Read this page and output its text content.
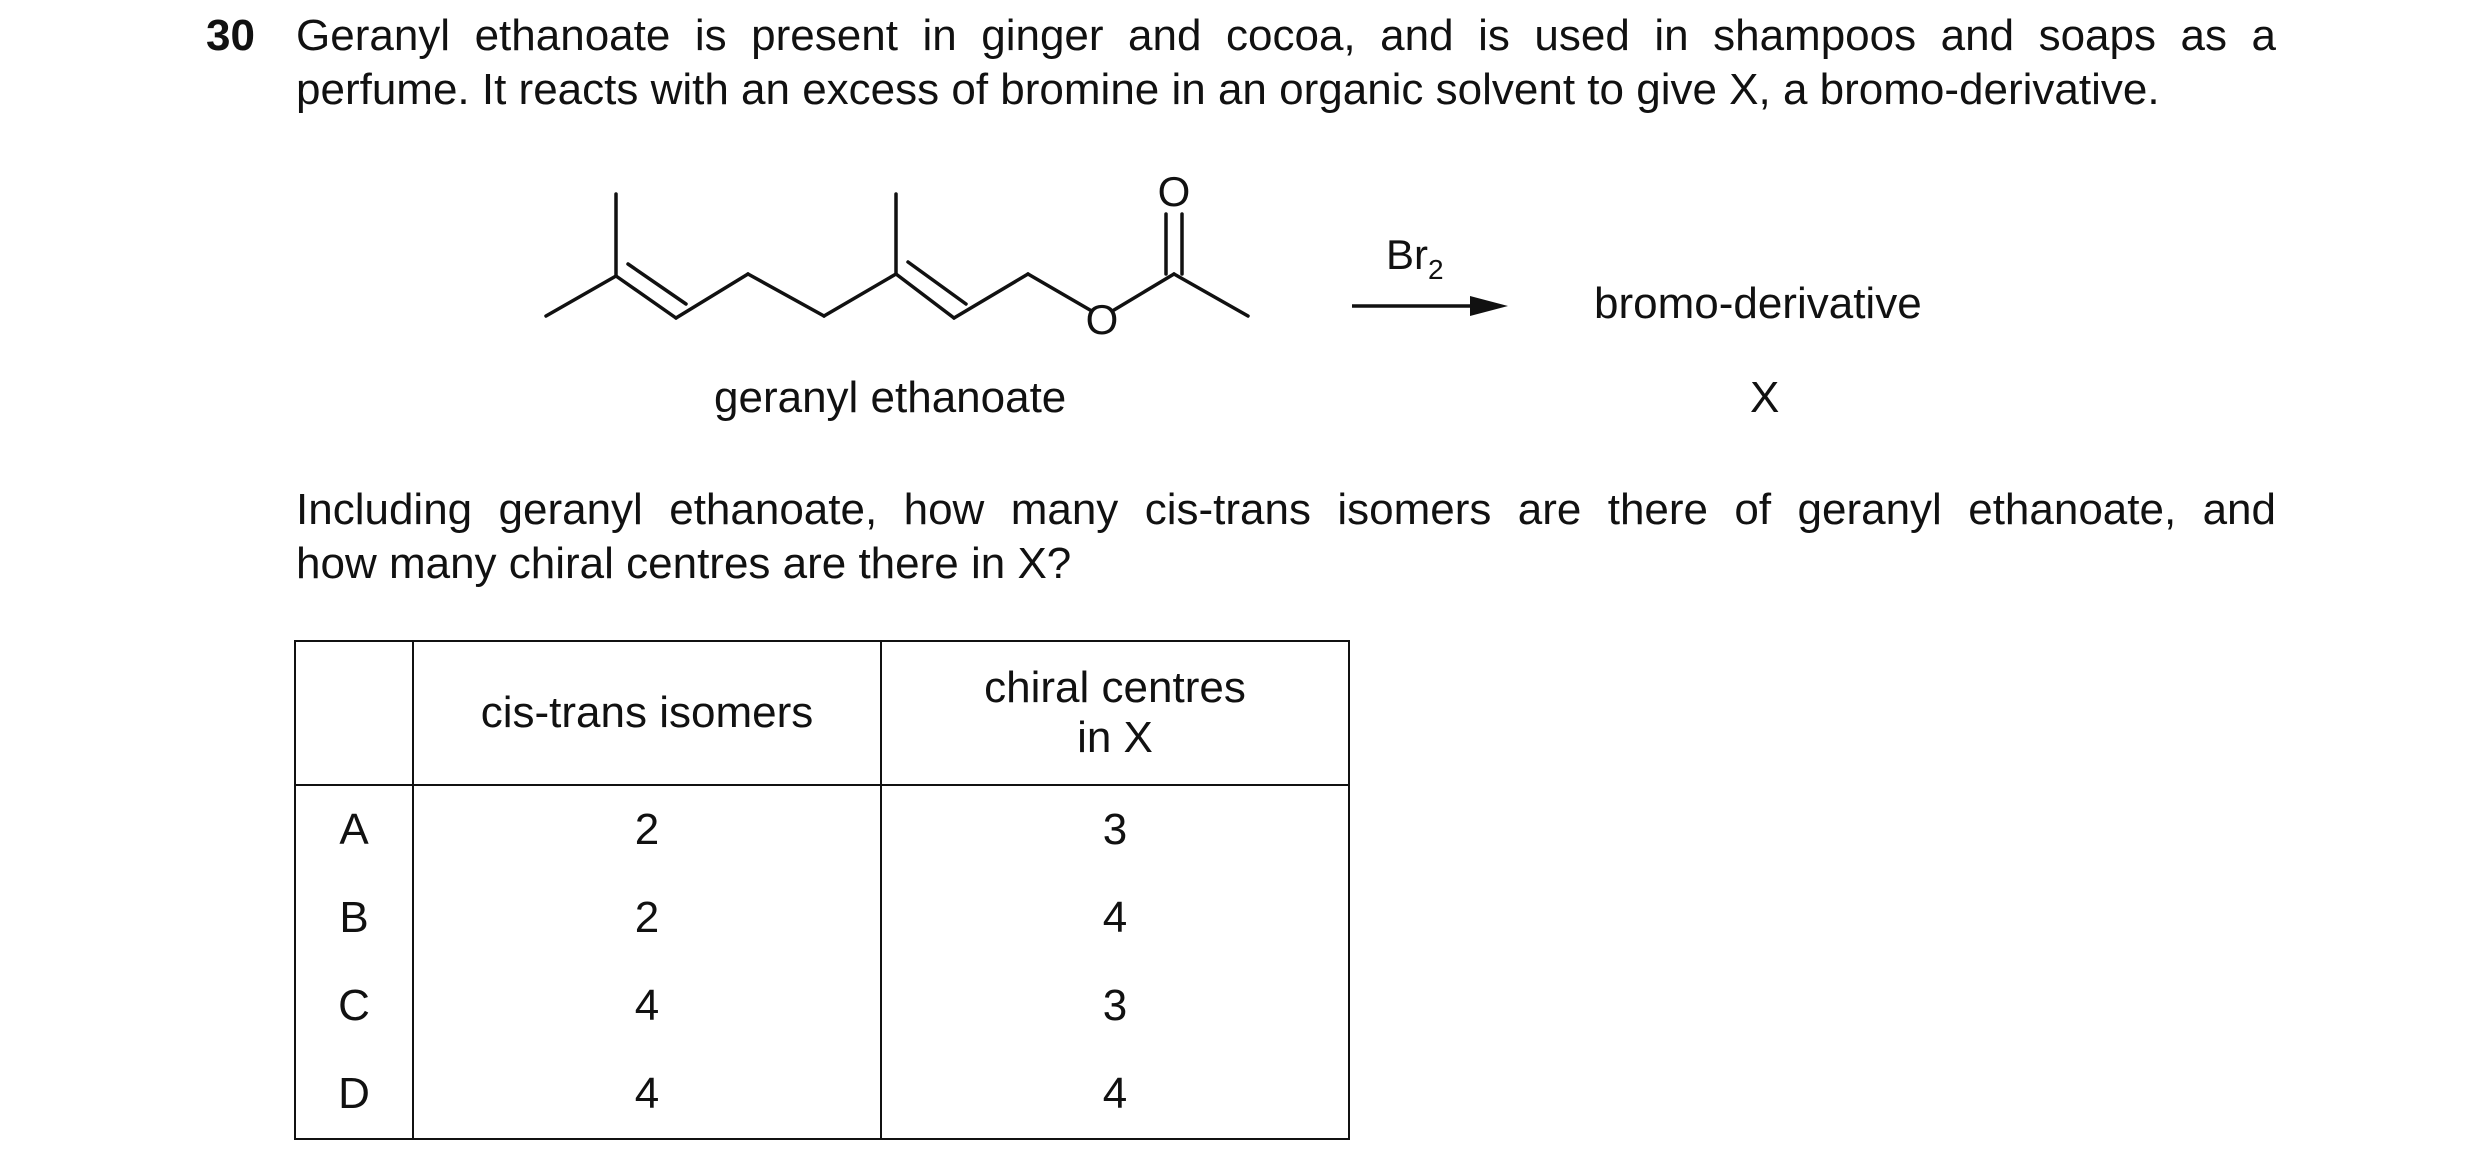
30 Geranyl ethanoate is present in ginger and cocoa, and is used in shampoos and soaps as a
perfume. It reacts with an excess of bromine in an organic solvent to give X, a bromo-derivative.
O
O
$Br_2$
bromo-derivative
X
geranyl ethanoate
Including geranyl ethanoate, how many cis-trans isomers are there of geranyl ethanoate, and
how many chiral centres are there in X?
	cis-trans isomers	chiral centres
in X

A	2	3
B	2	4
C	4	3
D	4	4
